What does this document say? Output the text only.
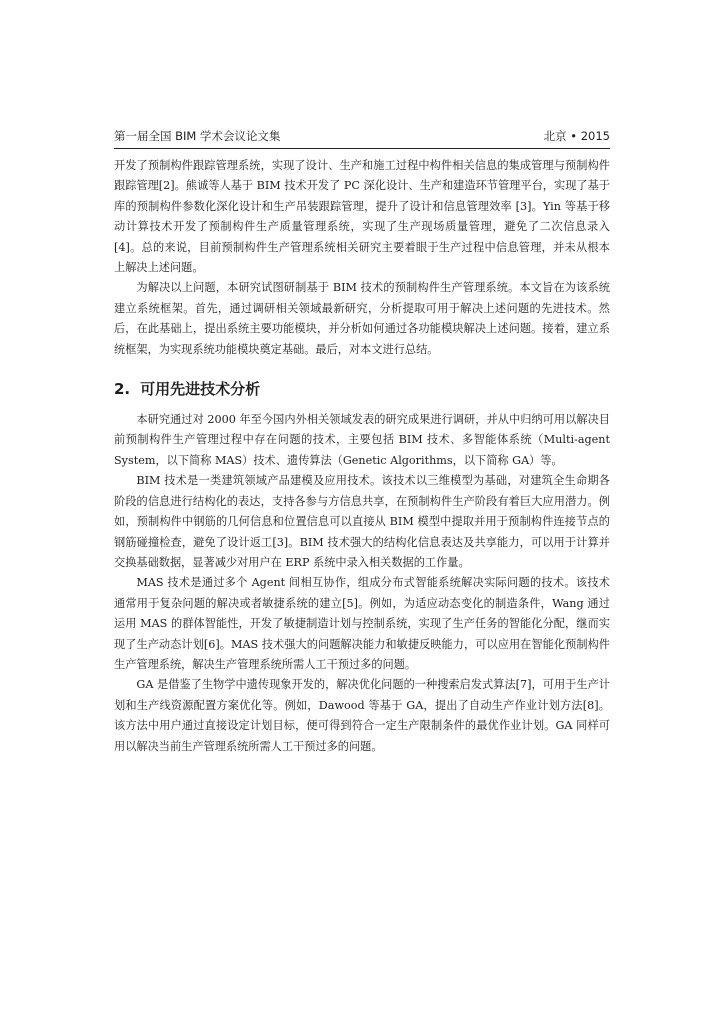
第一届全国 BIM 学术会议论文集	北京 • 2015

开发了预制构件跟踪管理系统，实现了设计、生产和施工过程中构件相关信息的集成管理与预制构件跟踪管理[2]。熊诚等人基于 BIM 技术开发了 PC 深化设计、生产和建造环节管理平台，实现了基于库的预制构件参数化深化设计和生产吊装跟踪管理，提升了设计和信息管理效率 [3]。Yin 等基于移动计算技术开发了预制构件生产质量管理系统，实现了生产现场质量管理，避免了二次信息录入[4]。总的来说，目前预制构件生产管理系统相关研究主要着眼于生产过程中信息管理，并未从根本上解决上述问题。

为解决以上问题，本研究试图研制基于 BIM 技术的预制构件生产管理系统。本文旨在为该系统建立系统框架。首先，通过调研相关领域最新研究，分析提取可用于解决上述问题的先进技术。然后，在此基础上，提出系统主要功能模块，并分析如何通过各功能模块解决上述问题。接着，建立系统框架，为实现系统功能模块奠定基础。最后，对本文进行总结。

2. 可用先进技术分析

本研究通过对 2000 年至今国内外相关领域发表的研究成果进行调研，并从中归纳可用以解决目前预制构件生产管理过程中存在问题的技术，主要包括 BIM 技术、多智能体系统（Multi-agent System，以下简称 MAS）技术、遗传算法（Genetic Algorithms，以下简称 GA）等。

BIM 技术是一类建筑领域产品建模及应用技术。该技术以三维模型为基础，对建筑全生命期各阶段的信息进行结构化的表达，支持各参与方信息共享，在预制构件生产阶段有着巨大应用潜力。例如，预制构件中钢筋的几何信息和位置信息可以直接从 BIM 模型中提取并用于预制构件连接节点的钢筋碰撞检查，避免了设计返工[3]。BIM 技术强大的结构化信息表达及共享能力，可以用于计算并交换基础数据，显著减少对用户在 ERP 系统中录入相关数据的工作量。

MAS 技术是通过多个 Agent 间相互协作，组成分布式智能系统解决实际问题的技术。该技术通常用于复杂问题的解决或者敏捷系统的建立[5]。例如，为适应动态变化的制造条件，Wang 通过运用 MAS 的群体智能性，开发了敏捷制造计划与控制系统，实现了生产任务的智能化分配，继而实现了生产动态计划[6]。MAS 技术强大的问题解决能力和敏捷反映能力，可以应用在智能化预制构件生产管理系统，解决生产管理系统所需人工干预过多的问题。

GA 是借鉴了生物学中遗传现象开发的，解决优化问题的一种搜索启发式算法[7]，可用于生产计划和生产线资源配置方案优化等。例如，Dawood 等基于 GA，提出了自动生产作业计划方法[8]。该方法中用户通过直接设定计划目标，便可得到符合一定生产限制条件的最优作业计划。GA 同样可用以解决当前生产管理系统所需人工干预过多的问题。
